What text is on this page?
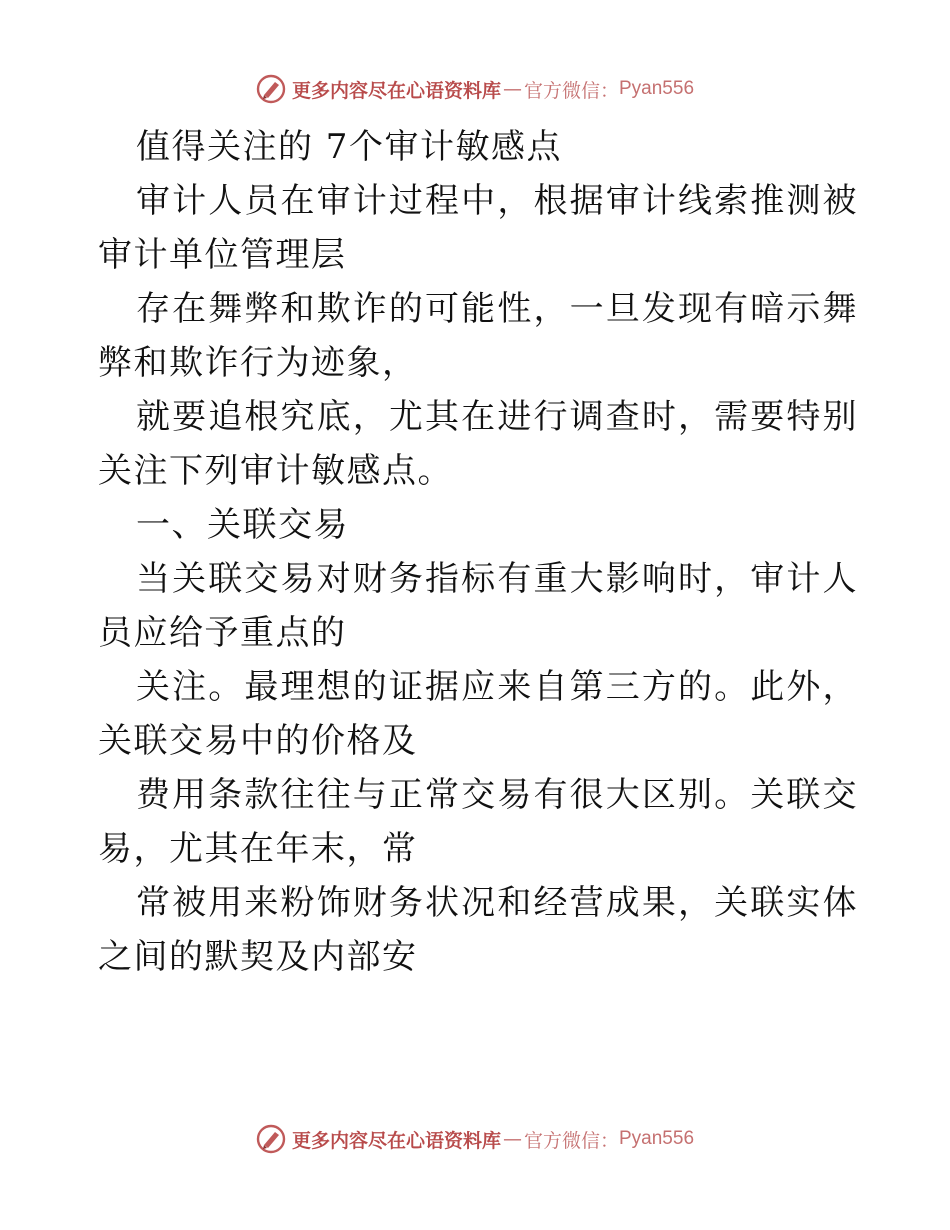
更多内容尽在心语资料库 — 官方微信： Pyan556

值得关注的 7个审计敏感点

审计人员在审计过程中，根据审计线索推测被审计单位管理层

存在舞弊和欺诈的可能性，一旦发现有暗示舞弊和欺诈行为迹象，

就要追根究底，尤其在进行调查时，需要特别关注下列审计敏感点。

一、关联交易

当关联交易对财务指标有重大影响时，审计人员应给予重点的

关注。最理想的证据应来自第三方的。此外，关联交易中的价格及

费用条款往往与正常交易有很大区别。关联交易，尤其在年末，常

常被用来粉饰财务状况和经营成果，关联实体之间的默契及内部安

更多内容尽在心语资料库 — 官方微信： Pyan556
